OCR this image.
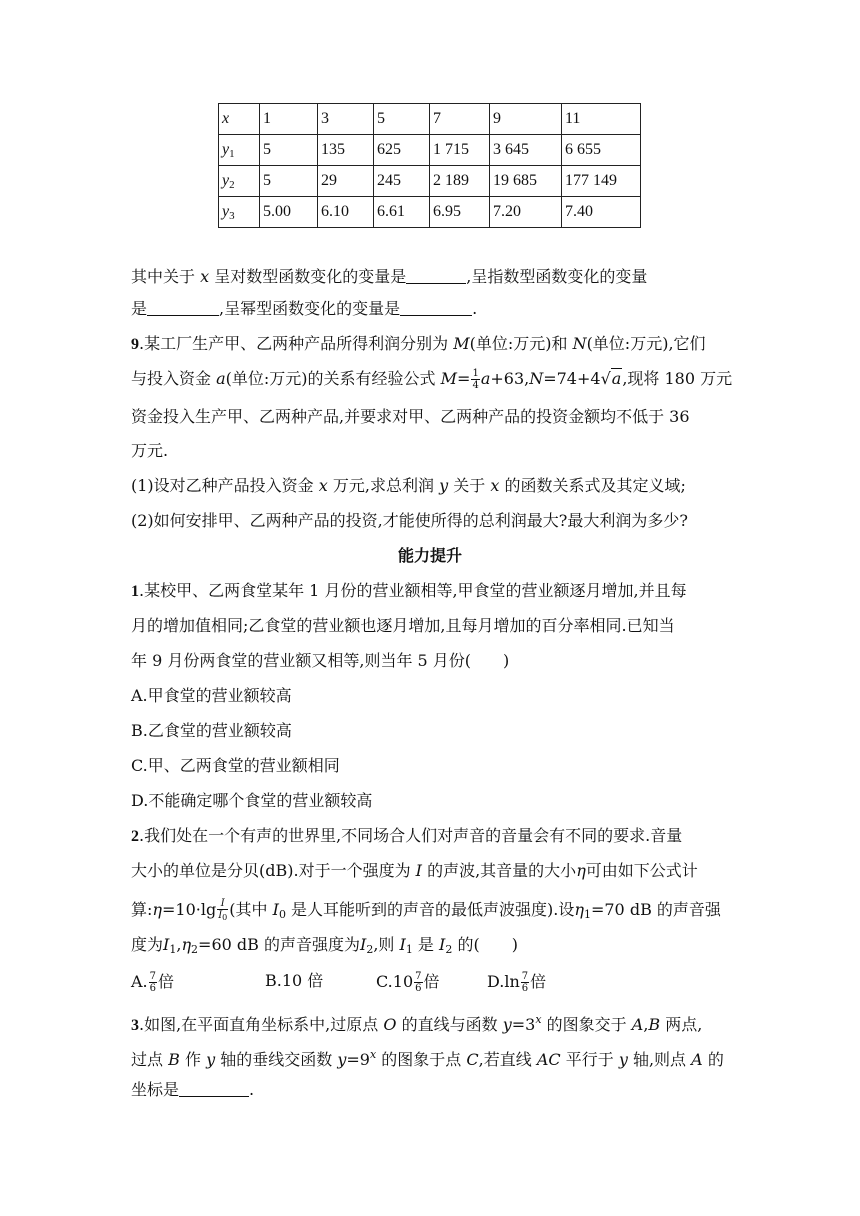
x	1	3	5	7	9	11
$y_1$	5	135	625	1 715	3 645	6 655
$y_2$	5	29	245	2 189	19 685	177 149
$y_3$	5.00	6.10	6.61	6.95	7.20	7.40
其中关于 x 呈对数型函数变化的变量是	,呈指数型函数变化的变量
是	,呈幂型函数变化的变量是	.
9.某工厂生产甲、乙两种产品所得利润分别为 M(单位:万元)和 N(单位:万元),它们
与投入资金 a(单位:万元)的关系有经验公式 $M= \frac{1}{4} a+63,N=74+4√a$,现将 180 万元
资金投入生产甲、乙两种产品,并要求对甲、乙两种产品的投资金额均不低于 36
万元.
(1)设对乙种产品投入资金 x 万元,求总利润 y 关于 x 的函数关系式及其定义域;
(2)如何安排甲、乙两种产品的投资,才能使所得的总利润最大?最大利润为多少?
能力提升
1.某校甲、乙两食堂某年 1 月份的营业额相等,甲食堂的营业额逐月增加,并且每
月的增加值相同;乙食堂的营业额也逐月增加,且每月增加的百分率相同.已知当
年 9 月份两食堂的营业额又相等,则当年 5 月份(　　)
A.甲食堂的营业额较高
B.乙食堂的营业额较高
C.甲、乙两食堂的营业额相同
D.不能确定哪个食堂的营业额较高
2.我们处在一个有声的世界里,不同场合人们对声音的音量会有不同的要求.音量
大小的单位是分贝(dB).对于一个强度为 I 的声波,其音量的大小η可由如下公式计
算:η=10·lg $\frac{I}{I_0}$ (其中 $I_0$ 是人耳能听到的声音的最低声波强度).设$\eta_1=70$ dB 的声音强
度为$I_1,\eta_2=60$ dB 的声音强度为$I_2$,则 $I_1$ 是 $I_2$ 的(　　)
A. $\frac{7}{6}$ 倍	B.10 倍	$C.10 \frac{7}{6}$ 倍	$D.\ln \frac{7}{6}$ 倍
3.如图,在平面直角坐标系中,过原点 O 的直线与函数 $y=3^x$ 的图象交于 A,B 两点,
过点 B 作 y 轴的垂线交函数 $y=9^x$ 的图象于点 C,若直线 AC 平行于 y 轴,则点 A 的
坐标是	.
